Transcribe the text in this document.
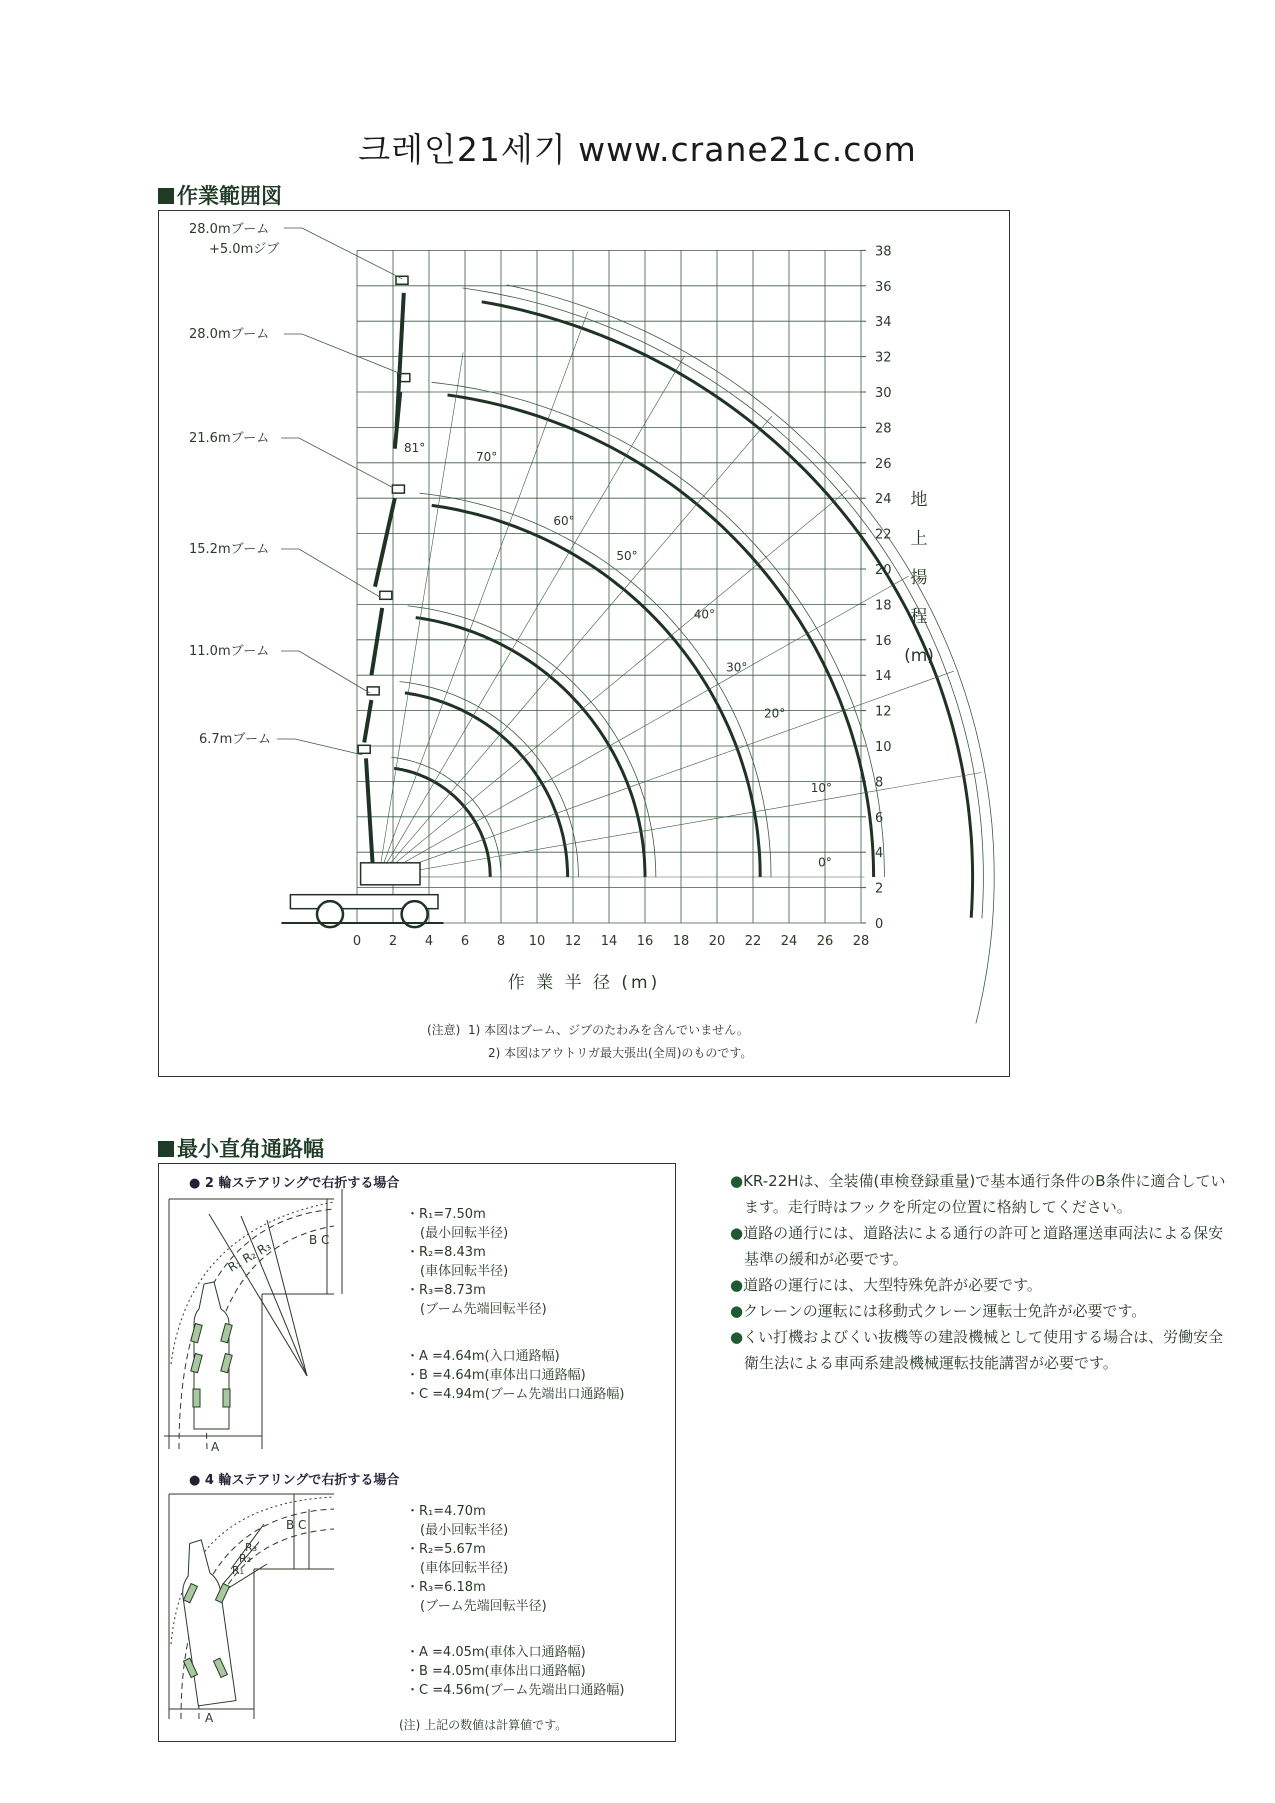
크레인21세기 www.crane21c.com
作業範囲図
0 2 4 6 8 10 12 14 16 18 20 22 24 26 28
0
2
4
6
8
10
12
14
16
18
20
22
24
26
28
30
32
34
36
38
81°
70°
60°
50°
40°
30°
20°
10°
0°
28.0mブーム
+5.0mジブ
28.0mブーム
21.6mブーム
15.2mブーム
11.0mブーム
6.7mブーム
地
上
揚
程
(m)
作 業 半 径 (m)
(注意) 1) 本図はブーム、ジブのたわみを含んでいません。
2) 本図はアウトリガ最大張出(全周)のものです。
最小直角通路幅
● 2 輪ステアリングで右折する場合
R₁ R₂ R₃	B C
A
R₃
R₂
R₁
B C
A
・R₁=7.50m
(最小回転半径)
・R₂=8.43m
(車体回転半径)
・R₃=8.73m
(ブーム先端回転半径)
・A =4.64m(入口通路幅)
・B =4.64m(車体出口通路幅)
・C =4.94m(ブーム先端出口通路幅)
● 4 輪ステアリングで右折する場合
・R₁=4.70m
(最小回転半径)
・R₂=5.67m
(車体回転半径)
・R₃=6.18m
(ブーム先端回転半径)
・A =4.05m(車体入口通路幅)
・B =4.05m(車体出口通路幅)
・C =4.56m(ブーム先端出口通路幅)
(注) 上記の数値は計算値です。
●KR-22Hは、全装備(車検登録重量)で基本通行条件のB条件に適合しています。走行時はフックを所定の位置に格納してください。
●道路の通行には、道路法による通行の許可と道路運送車両法による保安基準の緩和が必要です。
●道路の運行には、大型特殊免許が必要です。
●クレーンの運転には移動式クレーン運転士免許が必要です。
●くい打機およびくい抜機等の建設機械として使用する場合は、労働安全衛生法による車両系建設機械運転技能講習が必要です。
